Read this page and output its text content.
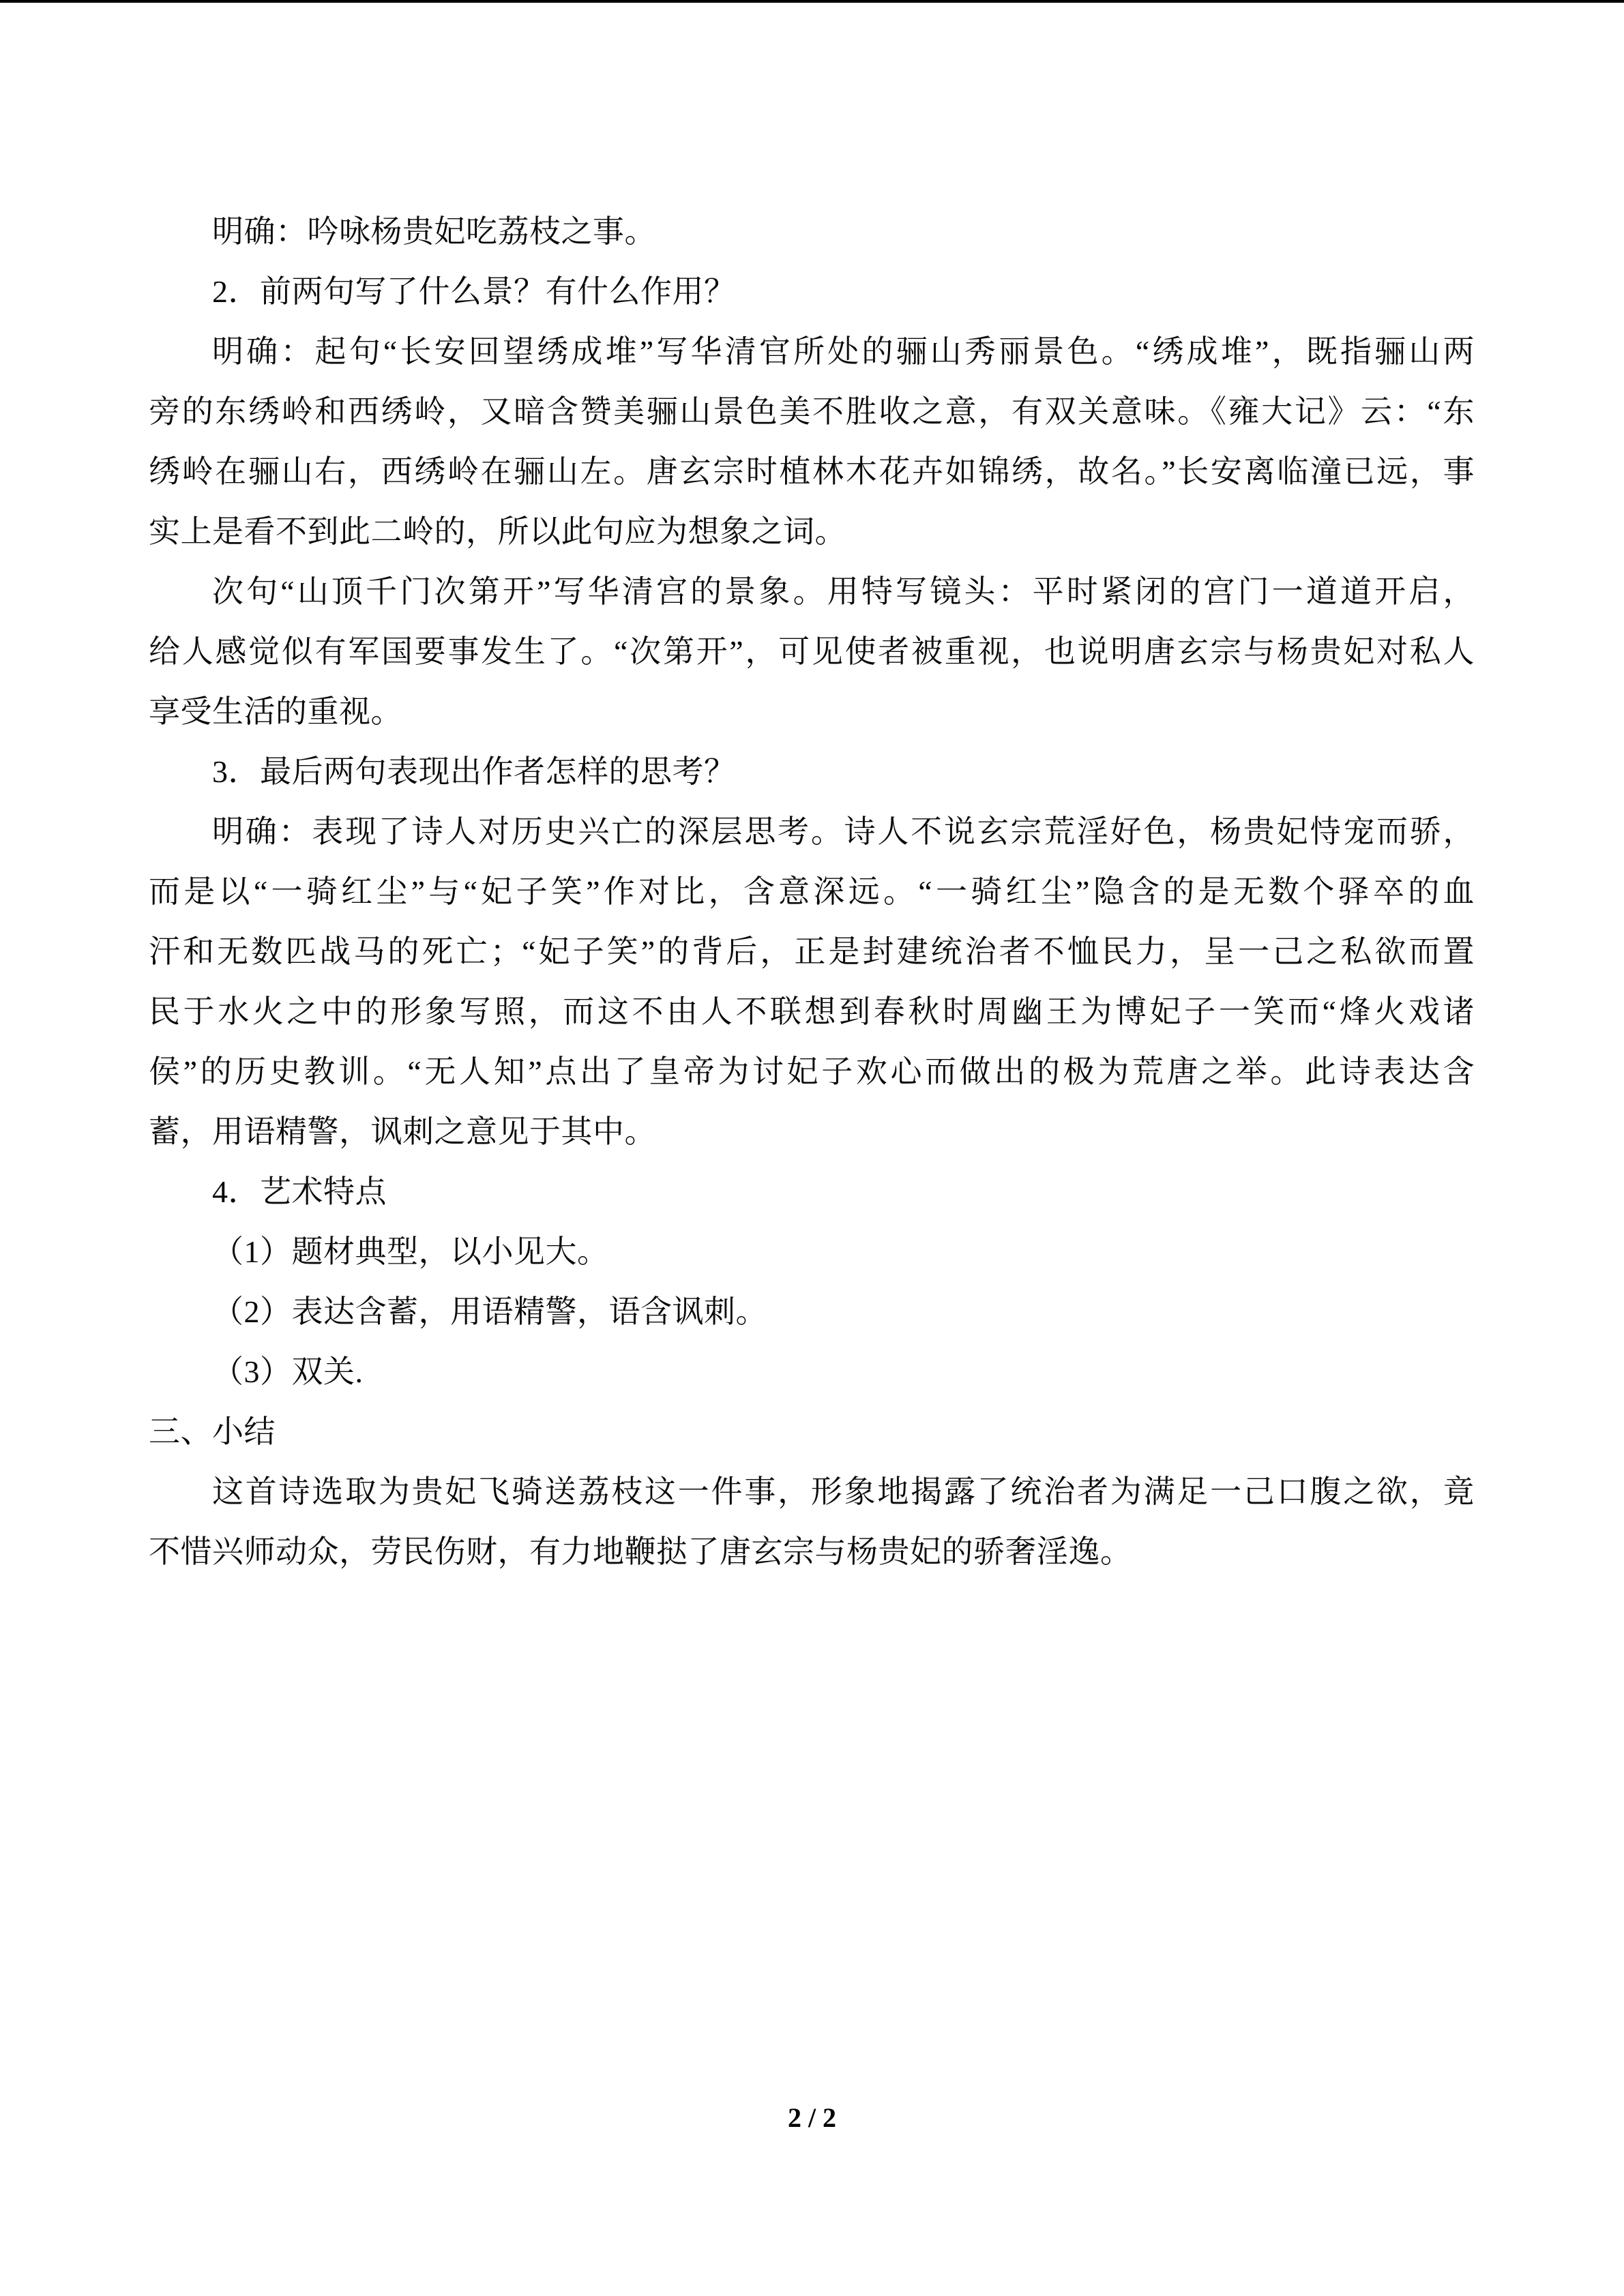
明确：吟咏杨贵妃吃荔枝之事。
2．前两句写了什么景？有什么作用？
明确：起句“长安回望绣成堆”写华清官所处的骊山秀丽景色。“绣成堆”，既指骊山两
旁的东绣岭和西绣岭，又暗含赞美骊山景色美不胜收之意，有双关意味。《雍大记》云：“东
绣岭在骊山右，西绣岭在骊山左。唐玄宗时植林木花卉如锦绣，故名。”长安离临潼已远，事
实上是看不到此二岭的，所以此句应为想象之词。
次句“山顶千门次第开”写华清宫的景象。用特写镜头：平时紧闭的宫门一道道开启，
给人感觉似有军国要事发生了。“次第开”，可见使者被重视，也说明唐玄宗与杨贵妃对私人
享受生活的重视。
3．最后两句表现出作者怎样的思考？
明确：表现了诗人对历史兴亡的深层思考。诗人不说玄宗荒淫好色，杨贵妃恃宠而骄，
而是以“一骑红尘”与“妃子笑”作对比，含意深远。“一骑红尘”隐含的是无数个驿卒的血
汗和无数匹战马的死亡；“妃子笑”的背后，正是封建统治者不恤民力，呈一己之私欲而置
民于水火之中的形象写照，而这不由人不联想到春秋时周幽王为博妃子一笑而“烽火戏诸
侯”的历史教训。“无人知”点出了皇帝为讨妃子欢心而做出的极为荒唐之举。此诗表达含
蓄，用语精警，讽刺之意见于其中。
4．艺术特点
（1）题材典型，以小见大。
（2）表达含蓄，用语精警，语含讽刺。
（3）双关.
三、小结
这首诗选取为贵妃飞骑送荔枝这一件事，形象地揭露了统治者为满足一己口腹之欲，竟
不惜兴师动众，劳民伤财，有力地鞭挞了唐玄宗与杨贵妃的骄奢淫逸。
2 / 2
